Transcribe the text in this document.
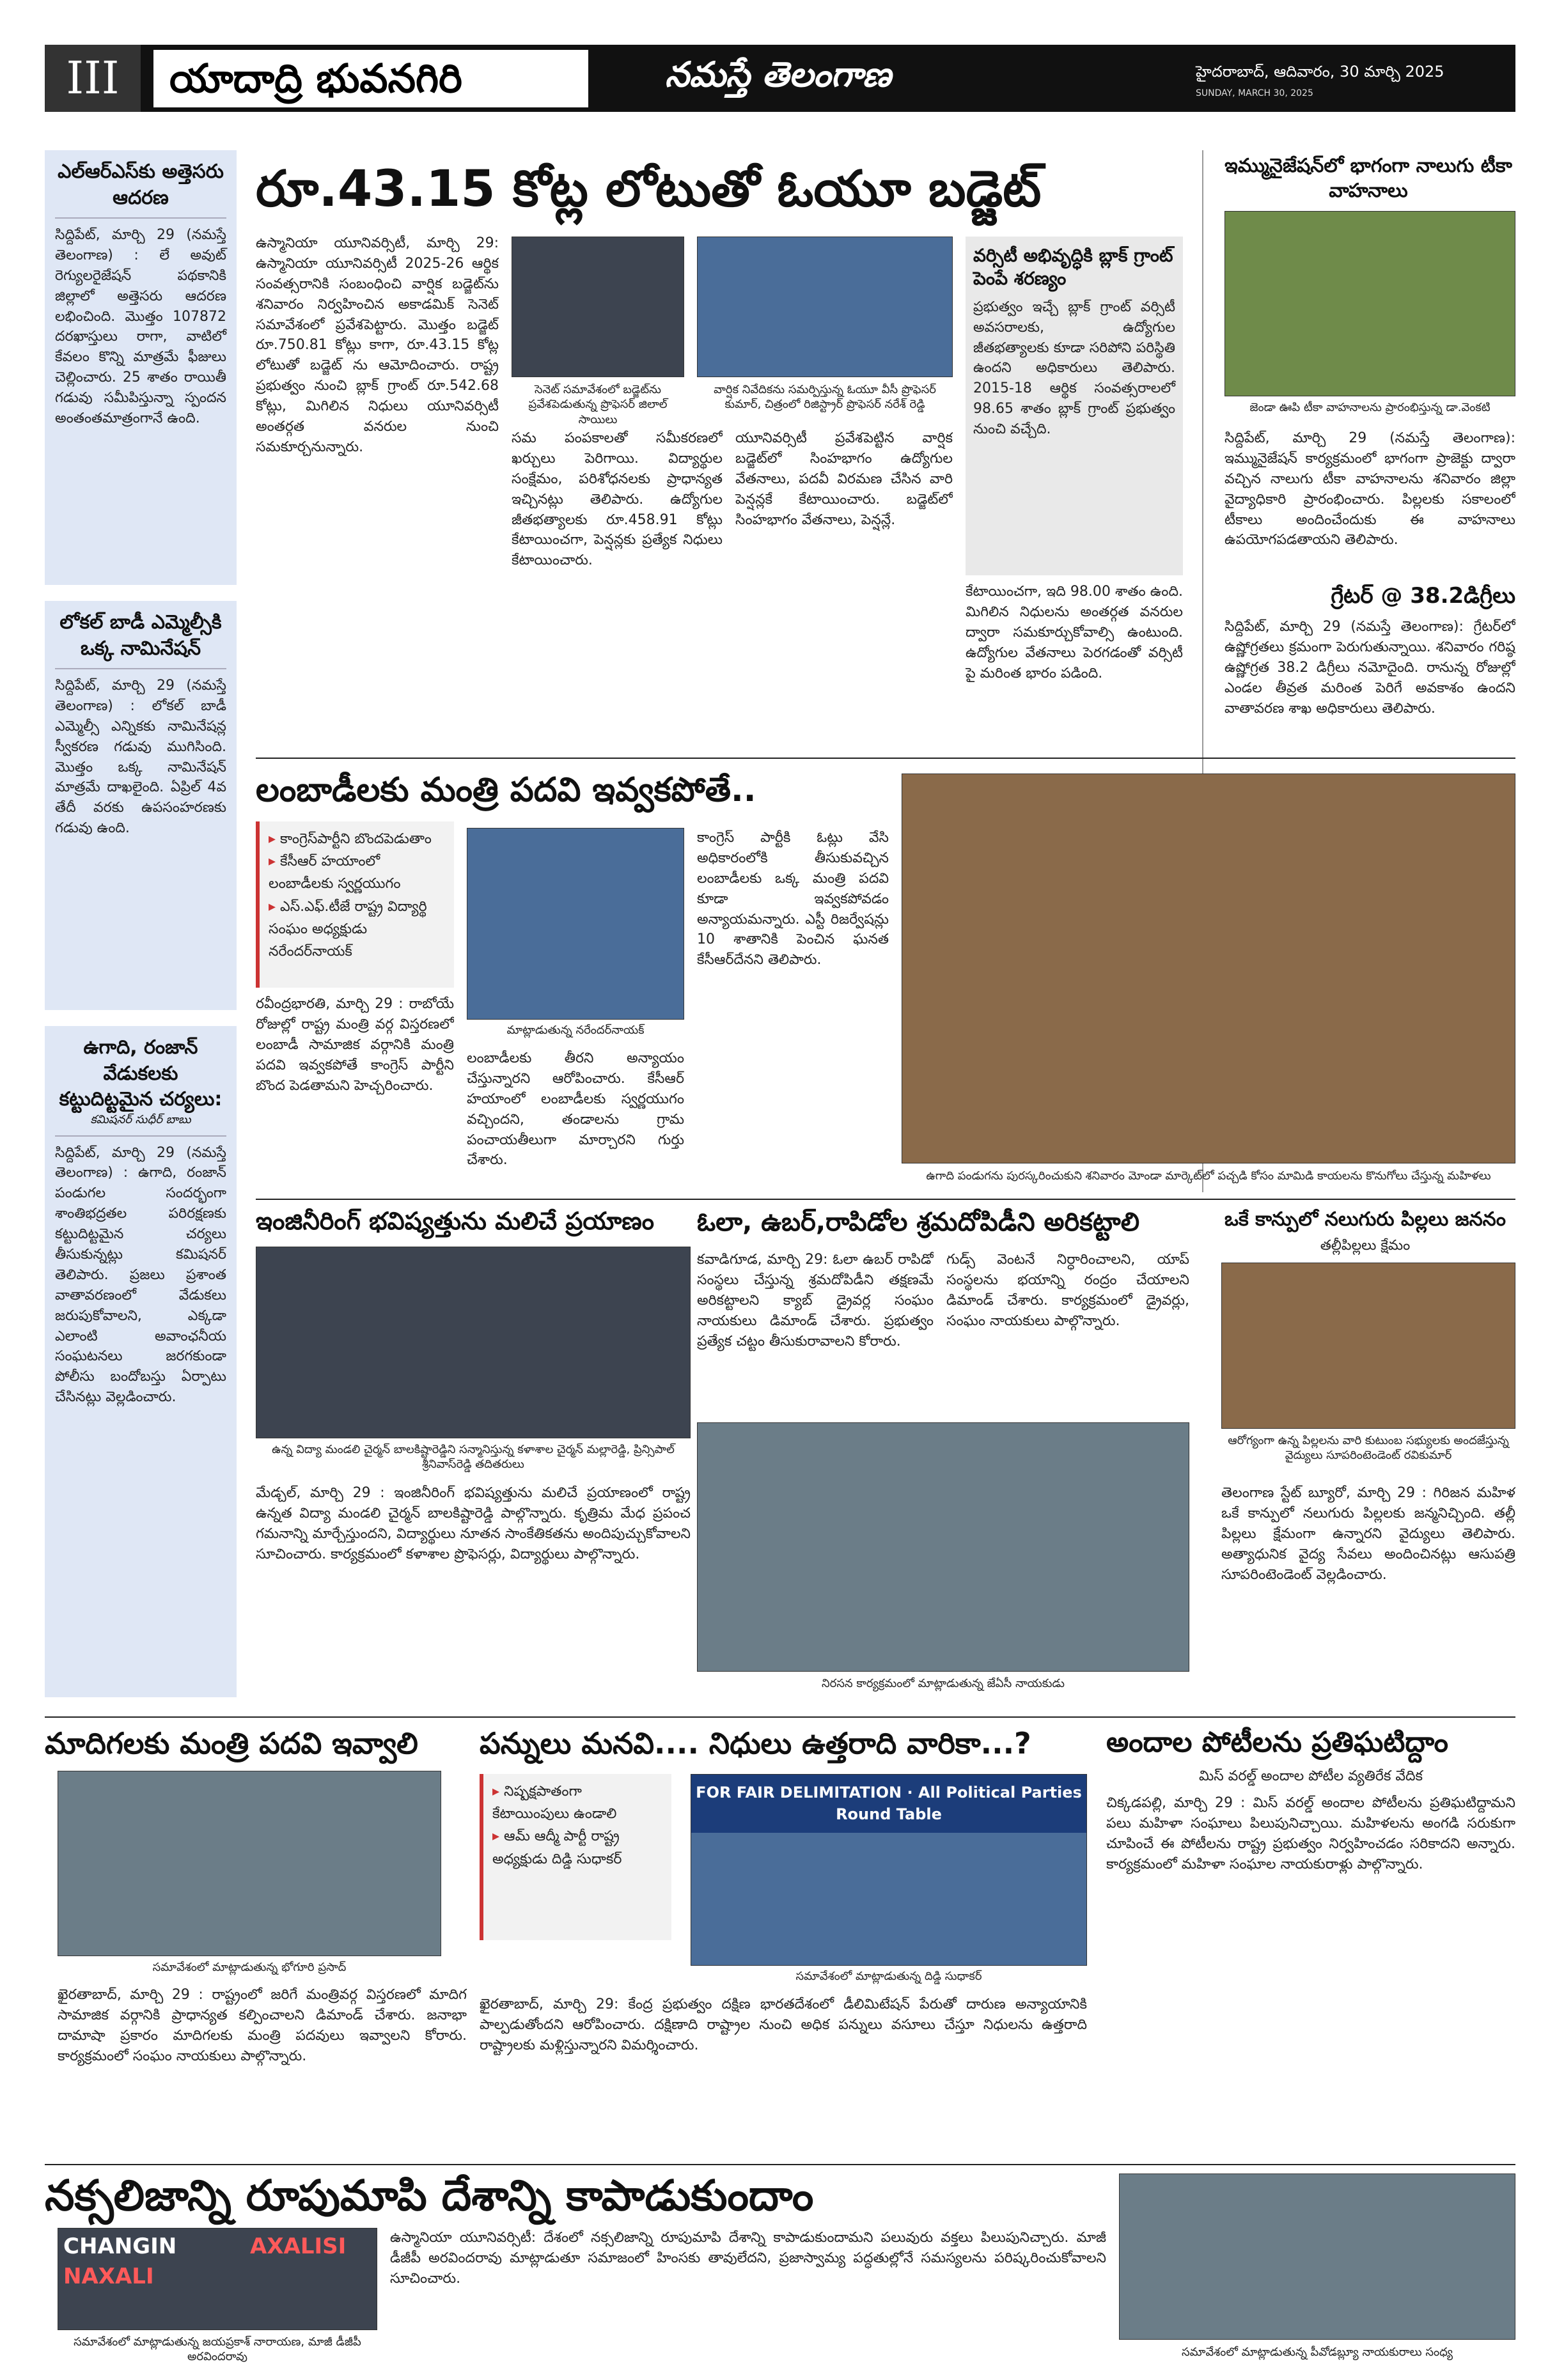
III	యాదాద్రి భువనగిరి	నమస్తే తెలంగాణ	హైదరాబాద్, ఆదివారం, 30 మార్చి 2025
SUNDAY, MARCH 30, 2025
ఎల్‌ఆర్‌ఎస్‌కు అత్తెసరు ఆదరణ
సిద్దిపేట్, మార్చి 29 (నమస్తే తెలంగాణ) : లే అవుట్ రెగ్యులరైజేషన్ పథకానికి జిల్లాలో అత్తెసరు ఆదరణ లభించింది. మొత్తం 107872 దరఖాస్తులు రాగా, వాటిలో కేవలం కొన్ని మాత్రమే ఫీజులు చెల్లించారు. 25 శాతం రాయితీ గడువు సమీపిస్తున్నా స్పందన అంతంతమాత్రంగానే ఉంది.
లోకల్ బాడీ ఎమ్మెల్సీకి ఒక్క నామినేషన్
సిద్దిపేట్, మార్చి 29 (నమస్తే తెలంగాణ) : లోకల్ బాడీ ఎమ్మెల్సీ ఎన్నికకు నామినేషన్ల స్వీకరణ గడువు ముగిసింది. మొత్తం ఒక్క నామినేషన్ మాత్రమే దాఖలైంది. ఏప్రిల్ 4వ తేదీ వరకు ఉపసంహరణకు గడువు ఉంది.
ఉగాది, రంజాన్ వేడుకలకు కట్టుదిట్టమైన చర్యలు:
కమిషనర్ సుధీర్ బాబు
సిద్దిపేట్, మార్చి 29 (నమస్తే తెలంగాణ) : ఉగాది, రంజాన్ పండుగల సందర్భంగా శాంతిభద్రతల పరిరక్షణకు కట్టుదిట్టమైన చర్యలు తీసుకున్నట్లు కమిషనర్ తెలిపారు. ప్రజలు ప్రశాంత వాతావరణంలో వేడుకలు జరుపుకోవాలని, ఎక్కడా ఎలాంటి అవాంఛనీయ సంఘటనలు జరగకుండా పోలీసు బందోబస్తు ఏర్పాటు చేసినట్లు వెల్లడించారు.
రూ.43.15 కోట్ల లోటుతో ఓయూ బడ్జెట్
ఉస్మానియా యూనివర్సిటీ, మార్చి 29: ఉస్మానియా యూనివర్సిటీ 2025-26 ఆర్థిక సంవత్సరానికి సంబంధించి వార్షిక బడ్జెట్‌ను శనివారం నిర్వహించిన అకాడమిక్ సెనెట్ సమావేశంలో ప్రవేశపెట్టారు. మొత్తం బడ్జెట్ రూ.750.81 కోట్లు కాగా, రూ.43.15 కోట్ల లోటుతో బడ్జెట్ ను ఆమోదించారు. రాష్ట్ర ప్రభుత్వం నుంచి బ్లాక్ గ్రాంట్ రూ.542.68 కోట్లు, మిగిలిన నిధులు యూనివర్సిటీ అంతర్గత వనరుల నుంచి సమకూర్చనున్నారు.
సెనెట్ సమావేశంలో బడ్జెట్‌ను ప్రవేశపెడుతున్న ప్రొఫెసర్ జిలాల్ సాయిలు
వార్షిక నివేదికను సమర్పిస్తున్న ఓయూ వీసీ ప్రొఫెసర్ కుమార్, చిత్రంలో రిజిస్ట్రార్ ప్రొఫెసర్ నరేశ్ రెడ్డి
సమ పంపకాలతో సమీకరణలో ఖర్చులు పెరిగాయి. విద్యార్థుల సంక్షేమం, పరిశోధనలకు ప్రాధాన్యత ఇచ్చినట్లు తెలిపారు. ఉద్యోగుల జీతభత్యాలకు రూ.458.91 కోట్లు కేటాయించగా, పెన్షన్లకు ప్రత్యేక నిధులు కేటాయించారు.
యూనివర్సిటీ ప్రవేశపెట్టిన వార్షిక బడ్జెట్‌లో సింహభాగం ఉద్యోగుల వేతనాలు, పదవీ విరమణ చేసిన వారి పెన్షన్లకే కేటాయించారు. బడ్జెట్‌లో సింహభాగం వేతనాలు, పెన్షన్లే.
వర్సిటీ అభివృద్ధికి బ్లాక్ గ్రాంట్ పెంపే శరణ్యం
ప్రభుత్వం ఇచ్చే బ్లాక్ గ్రాంట్ వర్సిటీ అవసరాలకు, ఉద్యోగుల జీతభత్యాలకు కూడా సరిపోని పరిస్థితి ఉందని అధికారులు తెలిపారు. 2015-18 ఆర్థిక సంవత్సరాలలో 98.65 శాతం బ్లాక్ గ్రాంట్ ప్రభుత్వం నుంచి వచ్చేది.
కేటాయించగా, ఇది 98.00 శాతం ఉంది. మిగిలిన నిధులను అంతర్గత వనరుల ద్వారా సమకూర్చుకోవాల్సి ఉంటుంది. ఉద్యోగుల వేతనాలు పెరగడంతో వర్సిటీ పై మరింత భారం పడింది.
ఇమ్మునైజేషన్‌లో భాగంగా నాలుగు టీకా వాహనాలు
జెండా ఊపి టీకా వాహనాలను ప్రారంభిస్తున్న డా.వెంకటి
సిద్దిపేట్, మార్చి 29 (నమస్తే తెలంగాణ): ఇమ్మునైజేషన్ కార్యక్రమంలో భాగంగా ప్రాజెక్టు ద్వారా వచ్చిన నాలుగు టీకా వాహనాలను శనివారం జిల్లా వైద్యాధికారి ప్రారంభించారు. పిల్లలకు సకాలంలో టీకాలు అందించేందుకు ఈ వాహనాలు ఉపయోగపడతాయని తెలిపారు.
గ్రేటర్ @ 38.2డిగ్రీలు
సిద్దిపేట్, మార్చి 29 (నమస్తే తెలంగాణ): గ్రేటర్‌లో ఉష్ణోగ్రతలు క్రమంగా పెరుగుతున్నాయి. శనివారం గరిష్ఠ ఉష్ణోగ్రత 38.2 డిగ్రీలు నమోదైంది. రానున్న రోజుల్లో ఎండల తీవ్రత మరింత పెరిగే అవకాశం ఉందని వాతావరణ శాఖ అధికారులు తెలిపారు.
లంబాడీలకు మంత్రి పదవి ఇవ్వకపోతే..
▸ కాంగ్రెస్‌పార్టీని బొందపెడుతాం
▸ కేసీఆర్ హయాంలో లంబాడీలకు స్వర్ణయుగం
▸ ఎస్.ఎఫ్.టీజే రాష్ట్ర విద్యార్థి సంఘం అధ్యక్షుడు నరేందర్‌నాయక్
మాట్లాడుతున్న నరేందర్‌నాయక్
రవీంద్రభారతి, మార్చి 29 : రాబోయే రోజుల్లో రాష్ట్ర మంత్రి వర్గ విస్తరణలో లంబాడీ సామాజిక వర్గానికి మంత్రి పదవి ఇవ్వకపోతే కాంగ్రెస్ పార్టీని బొంద పెడతామని హెచ్చరించారు.
లంబాడీలకు తీరని అన్యాయం చేస్తున్నారని ఆరోపించారు. కేసీఆర్ హయాంలో లంబాడీలకు స్వర్ణయుగం వచ్చిందని, తండాలను గ్రామ పంచాయతీలుగా మార్చారని గుర్తు చేశారు.
కాంగ్రెస్ పార్టీకి ఓట్లు వేసి అధికారంలోకి తీసుకువచ్చిన లంబాడీలకు ఒక్క మంత్రి పదవి కూడా ఇవ్వకపోవడం అన్యాయమన్నారు. ఎస్టీ రిజర్వేషన్లు 10 శాతానికి పెంచిన ఘనత కేసీఆర్‌దేనని తెలిపారు.
ఉగాది పండుగను పురస్కరించుకుని శనివారం మోండా మార్కెట్‌లో పచ్చడి కోసం మామిడి కాయలను కొనుగోలు చేస్తున్న మహిళలు
ఇంజినీరింగ్ భవిష్యత్తును మలిచే ప్రయాణం
ఉన్న విద్యా మండలి చైర్మన్ బాలకిష్టారెడ్డిని సన్మానిస్తున్న కళాశాల చైర్మన్ మల్లారెడ్డి, ప్రిన్సిపాల్ శ్రీనివాస్‌రెడ్డి తదితరులు
మేడ్చల్, మార్చి 29 : ఇంజినీరింగ్ భవిష్యత్తును మలిచే ప్రయాణంలో రాష్ట్ర ఉన్నత విద్యా మండలి చైర్మన్ బాలకిష్టారెడ్డి పాల్గొన్నారు. కృత్రిమ మేధ ప్రపంచ గమనాన్ని మార్చేస్తుందని, విద్యార్థులు నూతన సాంకేతికతను అందిపుచ్చుకోవాలని సూచించారు. కార్యక్రమంలో కళాశాల ప్రొఫెసర్లు, విద్యార్థులు పాల్గొన్నారు.
ఓలా, ఉబర్,రాపిడోల శ్రమదోపిడీని అరికట్టాలి
కవాడిగూడ, మార్చి 29: ఓలా ఉబర్ రాపిడో సంస్థలు చేస్తున్న శ్రమదోపిడీని తక్షణమే అరికట్టాలని క్యాబ్ డ్రైవర్ల సంఘం నాయకులు డిమాండ్ చేశారు. ప్రభుత్వం ప్రత్యేక చట్టం తీసుకురావాలని కోరారు.
గుడ్స్ వెంటనే నిర్ధారించాలని, యాప్ సంస్థలను భయాన్ని రంద్రం చేయాలని డిమాండ్ చేశారు. కార్యక్రమంలో డ్రైవర్లు, సంఘం నాయకులు పాల్గొన్నారు.
నిరసన కార్యక్రమంలో మాట్లాడుతున్న జేఏసీ నాయకుడు
ఒకే కాన్పులో నలుగురు పిల్లలు జననం
తల్లీపిల్లలు క్షేమం
ఆరోగ్యంగా ఉన్న పిల్లలను వారి కుటుంబ సభ్యులకు అందజేస్తున్న వైద్యులు సూపరింటెండెంట్ రవికుమార్
తెలంగాణ స్టేట్ బ్యూరో, మార్చి 29 : గిరిజన మహిళ ఒకే కాన్పులో నలుగురు పిల్లలకు జన్మనిచ్చింది. తల్లీ పిల్లలు క్షేమంగా ఉన్నారని వైద్యులు తెలిపారు. అత్యాధునిక వైద్య సేవలు అందించినట్లు ఆసుపత్రి సూపరింటెండెంట్ వెల్లడించారు.
మాదిగలకు మంత్రి పదవి ఇవ్వాలి
సమావేశంలో మాట్లాడుతున్న భోగూరి ప్రసాద్
ఖైరతాబాద్, మార్చి 29 : రాష్ట్రంలో జరిగే మంత్రివర్గ విస్తరణలో మాదిగ సామాజిక వర్గానికి ప్రాధాన్యత కల్పించాలని డిమాండ్ చేశారు. జనాభా దామాషా ప్రకారం మాదిగలకు మంత్రి పదవులు ఇవ్వాలని కోరారు. కార్యక్రమంలో సంఘం నాయకులు పాల్గొన్నారు.
పన్నులు మనవి.... నిధులు ఉత్తరాది వారికా...?
▸ నిష్పక్షపాతంగా కేటాయింపులు ఉండాలి
▸ ఆమ్ ఆద్మీ పార్టీ రాష్ట్ర అధ్యక్షుడు దిడ్డి సుధాకర్
FOR FAIR DELIMITATION · All Political Parties Round Table
సమావేశంలో మాట్లాడుతున్న దిడ్డి సుధాకర్
ఖైరతాబాద్, మార్చి 29: కేంద్ర ప్రభుత్వం దక్షిణ భారతదేశంలో డీలిమిటేషన్ పేరుతో దారుణ అన్యాయానికి పాల్పడుతోందని ఆరోపించారు. దక్షిణాది రాష్ట్రాల నుంచి అధిక పన్నులు వసూలు చేస్తూ నిధులను ఉత్తరాది రాష్ట్రాలకు మళ్లిస్తున్నారని విమర్శించారు.
అందాల పోటీలను ప్రతిఘటిద్దాం
మిస్ వరల్డ్ అందాల పోటీల వ్యతిరేక వేదిక
చిక్కడపల్లి, మార్చి 29 : మిస్ వరల్డ్ అందాల పోటీలను ప్రతిఘటిద్దామని పలు మహిళా సంఘాలు పిలుపునిచ్చాయి. మహిళలను అంగడి సరుకుగా చూపించే ఈ పోటీలను రాష్ట్ర ప్రభుత్వం నిర్వహించడం సరికాదని అన్నారు. కార్యక్రమంలో మహిళా సంఘాల నాయకురాళ్లు పాల్గొన్నారు.
నక్సలిజాన్ని రూపుమాపి దేశాన్ని కాపాడుకుందాం
CHANGIN
NAXALI
AXALISI
సమావేశంలో మాట్లాడుతున్న జయప్రకాశ్ నారాయణ, మాజీ డీజీపీ అరవిందరావు
ఉస్మానియా యూనివర్సిటీ: దేశంలో నక్సలిజాన్ని రూపుమాపి దేశాన్ని కాపాడుకుందామని పలువురు వక్తలు పిలుపునిచ్చారు. మాజీ డీజీపీ అరవిందరావు మాట్లాడుతూ సమాజంలో హింసకు తావులేదని, ప్రజాస్వామ్య పద్ధతుల్లోనే సమస్యలను పరిష్కరించుకోవాలని సూచించారు.
సమావేశంలో మాట్లాడుతున్న పీవోడబ్ల్యూ నాయకురాలు సంధ్య
